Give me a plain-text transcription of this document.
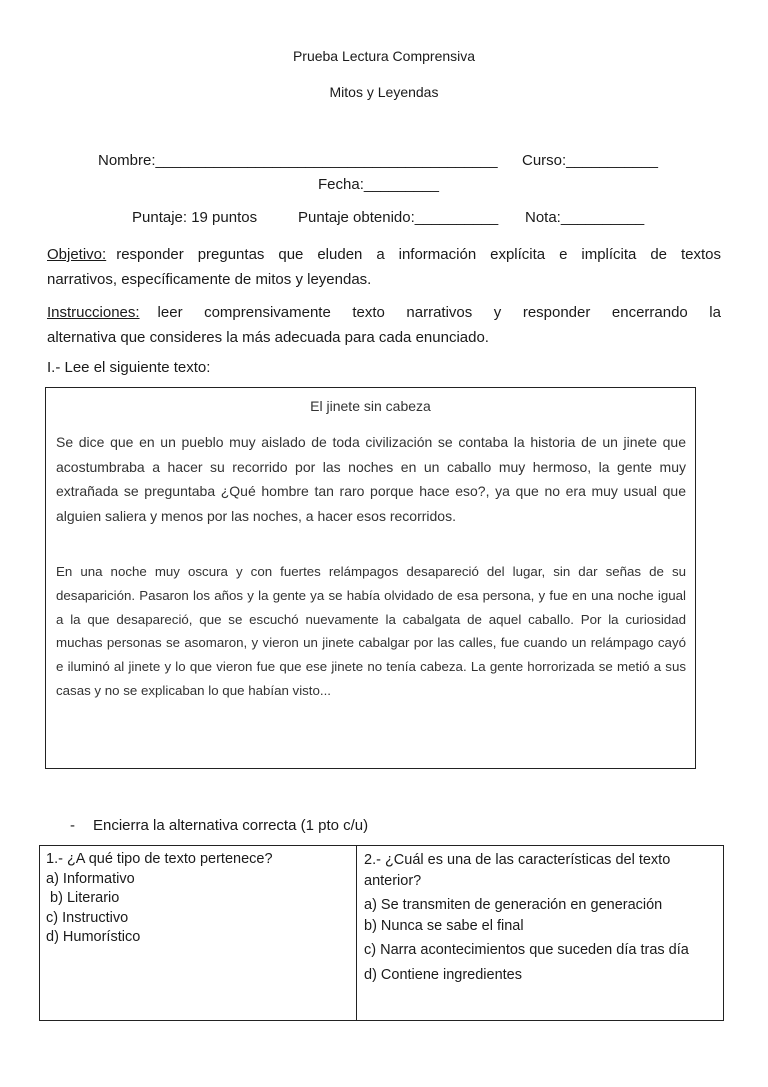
Prueba Lectura Comprensiva
Mitos y Leyendas
Nombre:_________________________________________ Curso:___________
Fecha:_________
Puntaje: 19 puntos	Puntaje obtenido:__________ Nota:__________
Objetivo: responder preguntas que eluden a información explícita e implícita de textos
narrativos, específicamente de mitos y leyendas.
Instrucciones: leer comprensivamente texto narrativos y responder encerrando la
alternativa que consideres la más adecuada para cada enunciado.
I.- Lee el siguiente texto:
El jinete sin cabeza
Se dice que en un pueblo muy aislado de toda civilización se contaba la historia de un jinete que acostumbraba a hacer su recorrido por las noches en un caballo muy hermoso, la gente muy extrañada se preguntaba ¿Qué hombre tan raro porque hace eso?, ya que no era muy usual que alguien saliera y menos por las noches, a hacer esos recorridos.
En una noche muy oscura y con fuertes relámpagos desapareció del lugar, sin dar señas de su desaparición. Pasaron los años y la gente ya se había olvidado de esa persona, y fue en una noche igual a la que desapareció, que se escuchó nuevamente la cabalgata de aquel caballo. Por la curiosidad muchas personas se asomaron, y vieron un jinete cabalgar por las calles, fue cuando un relámpago cayó e iluminó al jinete y lo que vieron fue que ese jinete no tenía cabeza. La gente horrorizada se metió a sus casas y no se explicaban lo que habían visto...
- Encierra la alternativa correcta (1 pto c/u)
1.- ¿A qué tipo de texto pertenece?
a) Informativo
b) Literario
c) Instructivo
d) Humorístico
2.- ¿Cuál es una de las características del texto anterior?
a) Se transmiten de generación en generación
b) Nunca se sabe el final
c) Narra acontecimientos que suceden día tras día
d) Contiene ingredientes
